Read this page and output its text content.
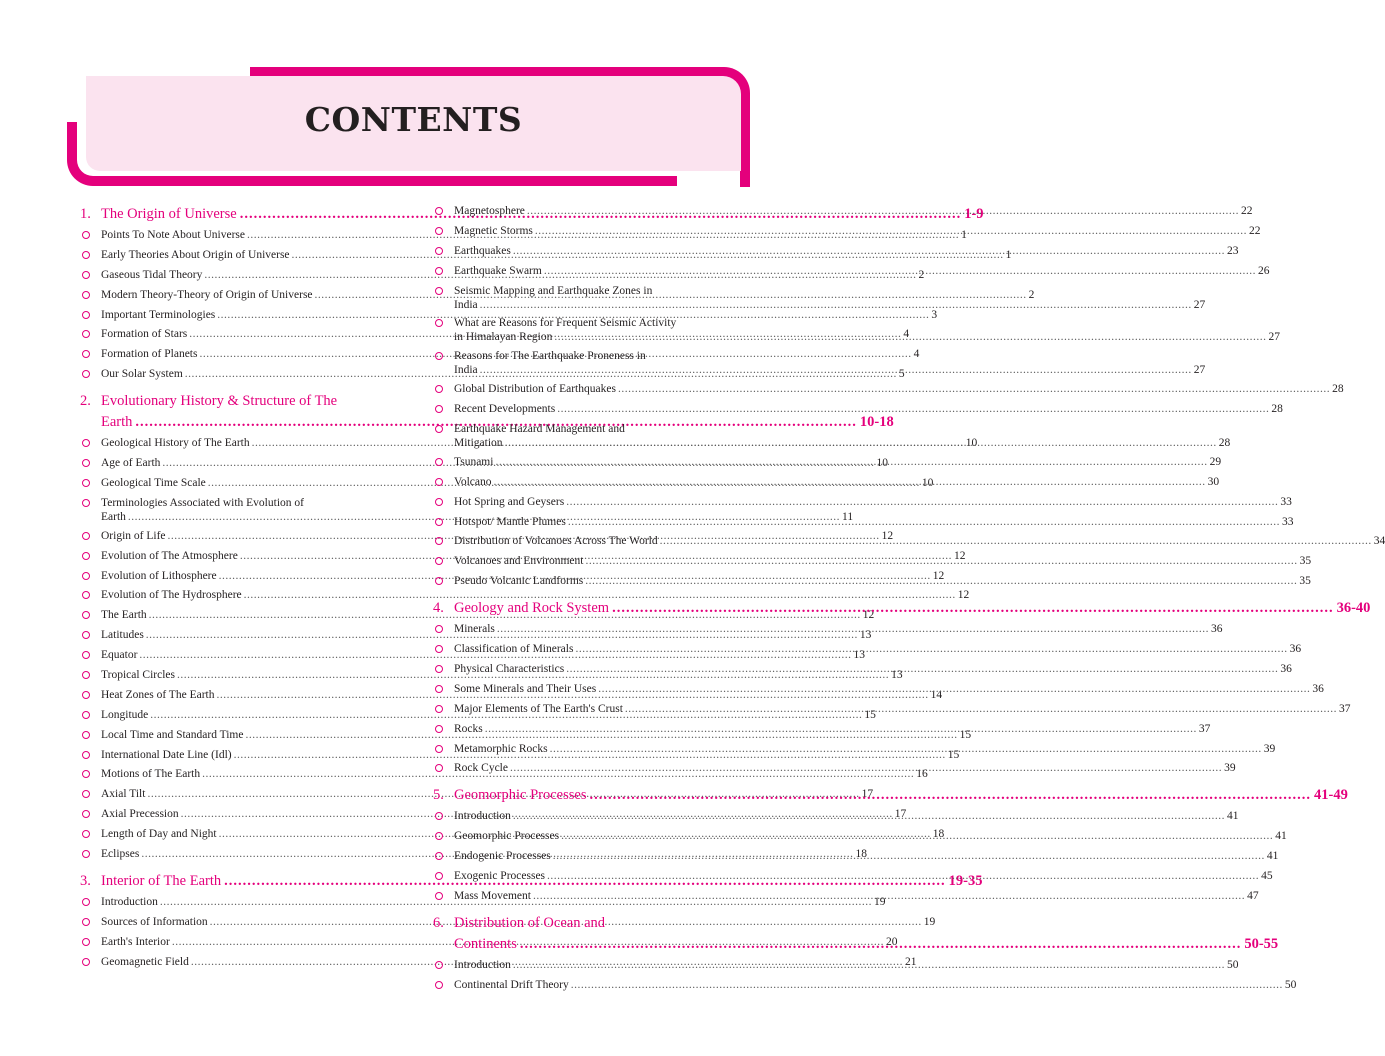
CONTENTS
1. The Origin of Universe .....	1-9
Points To Note About Universe .....	1
Early Theories About Origin of Universe .....	1
Gaseous Tidal Theory .....	2
Modern Theory-Theory of Origin of Universe .....	2
Important Terminologies .....	3
Formation of Stars .....	4
Formation of Planets .....	4
Our Solar System .....	5
2. Evolutionary History & Structure of The
Earth .....	10-18
Geological History of The Earth .....	10
Age of Earth .....	10
Geological Time Scale .....	10
Terminologies Associated with Evolution of
Earth .....	11
Origin of Life .....	12
Evolution of The Atmosphere .....	12
Evolution of Lithosphere .....	12
Evolution of The Hydrosphere .....	12
The Earth .....	12
Latitudes .....	13
Equator .....	13
Tropical Circles .....	13
Heat Zones of The Earth .....	14
Longitude .....	15
Local Time and Standard Time .....	15
International Date Line (Idl) .....	15
Motions of The Earth .....	16
Axial Tilt .....	17
Axial Precession .....	17
Length of Day and Night .....	18
Eclipses .....	18
3. Interior of The Earth .....	19-35
Introduction .....	19
Sources of Information .....	19
Earth's Interior .....	20
Geomagnetic Field .....	21
Magnetosphere .....	22
Magnetic Storms .....	22
Earthquakes .....	23
Earthquake Swarm .....	26
Seismic Mapping and Earthquake Zones in
India .....	27
What are Reasons for Frequent Seismic Activity
in Himalayan Region .....	27
Reasons for The Earthquake Proneness in
India .....	27
Global Distribution of Earthquakes .....	28
Recent Developments .....	28
Earthquake Hazard Management and
Mitigation .....	28
Tsunami .....	29
Volcano .....	30
Hot Spring and Geysers .....	33
Hotspot/ Mantle Plumes .....	33
Distribution of Volcanoes Across The World .....	34
Volcanoes and Environment .....	35
Pseudo Volcanic Landforms .....	35
4. Geology and Rock System .....	36-40
Minerals .....	36
Classification of Minerals .....	36
Physical Characteristics .....	36
Some Minerals and Their Uses .....	36
Major Elements of The Earth's Crust .....	37
Rocks .....	37
Metamorphic Rocks .....	39
Rock Cycle .....	39
5. Geomorphic Processes .....	41-49
Introduction .....	41
Geomorphic Processes .....	41
Endogenic Processes .....	41
Exogenic Processes .....	45
Mass Movement .....	47
6. Distribution of Ocean and
Continents .....	50-55
Introduction .....	50
Continental Drift Theory .....	50
